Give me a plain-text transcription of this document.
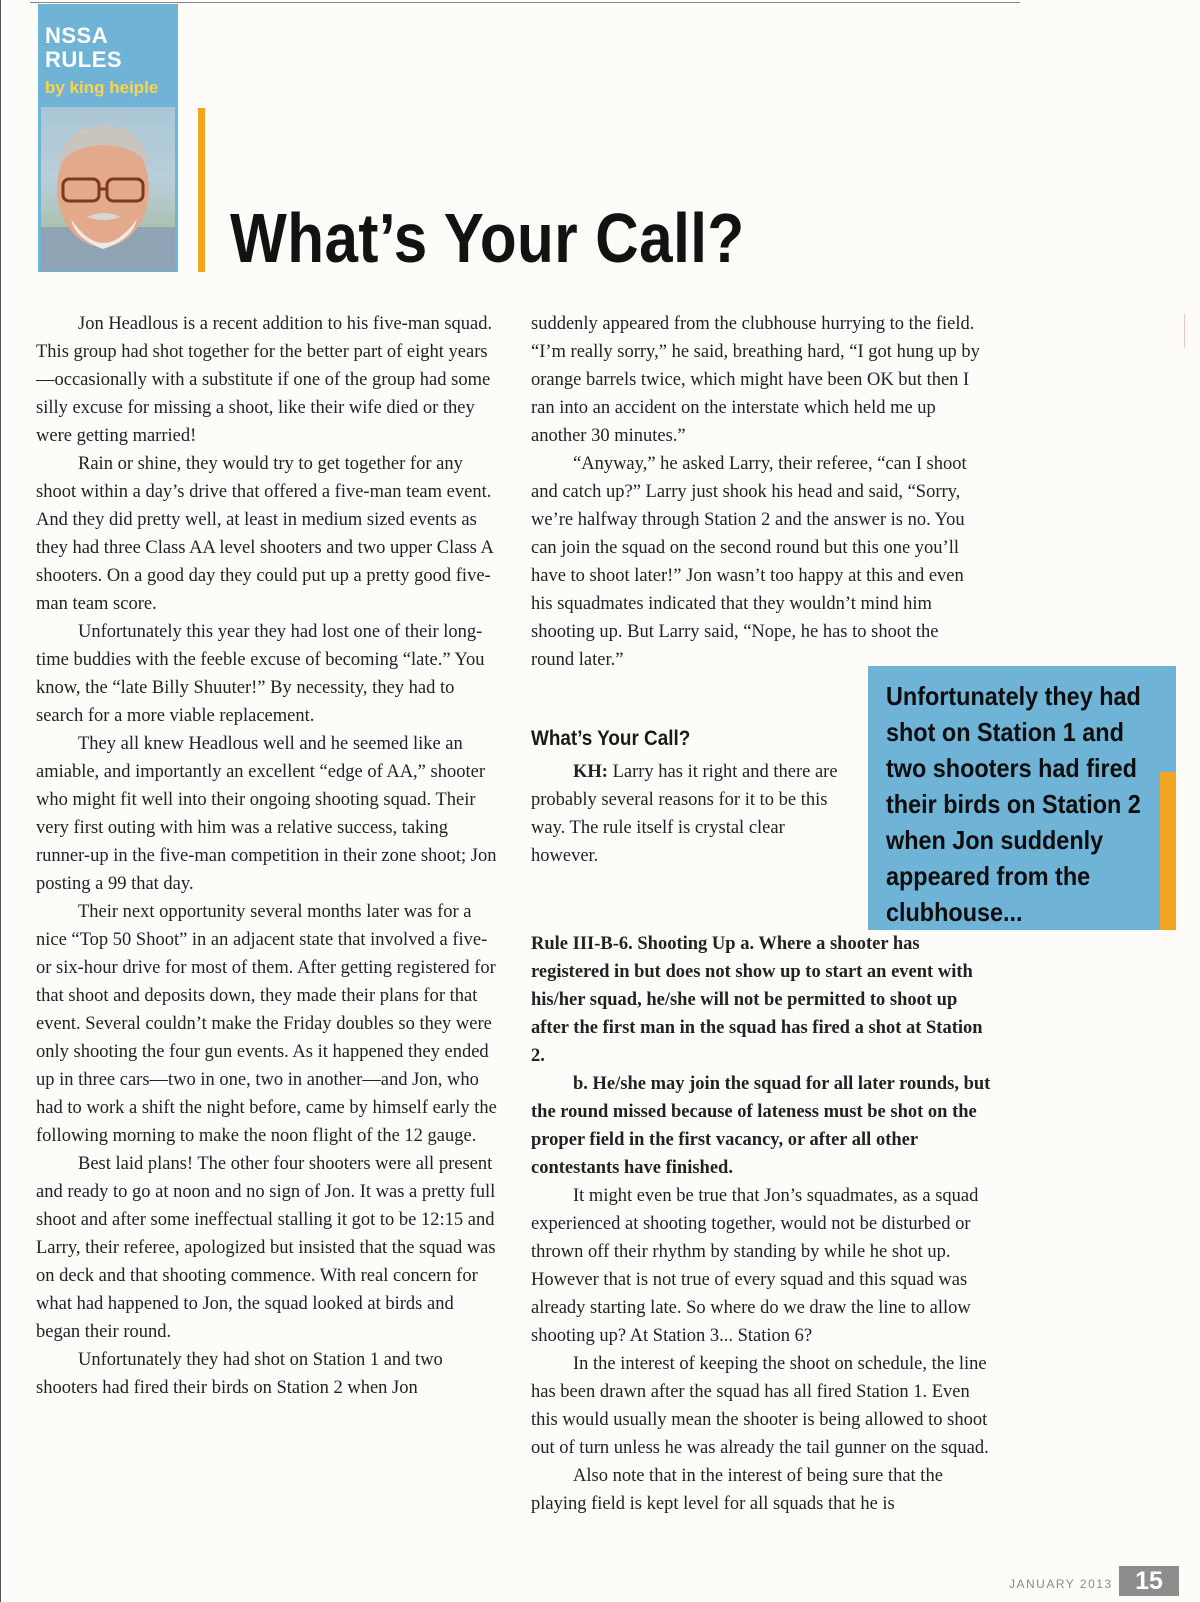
NSSA
RULES
by king heiple
What’s Your Call?

Jon Headlous is a recent addition to his five-man squad. This group had shot together for the better part of eight years—occasionally with a substitute if one of the group had some silly excuse for missing a shoot, like their wife died or they were getting married!

Rain or shine, they would try to get together for any shoot within a day’s drive that offered a five-man team event. And they did pretty well, at least in medium sized events as they had three Class AA level shooters and two upper Class A shooters. On a good day they could put up a pretty good five-man team score.

Unfortunately this year they had lost one of their long-time buddies with the feeble excuse of becoming “late.” You know, the “late Billy Shuuter!” By necessity, they had to search for a more viable replacement.

They all knew Headlous well and he seemed like an amiable, and importantly an excellent “edge of AA,” shooter who might fit well into their ongoing shooting squad. Their very first outing with him was a relative success, taking runner-up in the five-man competition in their zone shoot; Jon posting a 99 that day.

Their next opportunity several months later was for a nice “Top 50 Shoot” in an adjacent state that involved a five- or six-hour drive for most of them. After getting registered for that shoot and deposits down, they made their plans for that event. Several couldn’t make the Friday doubles so they were only shooting the four gun events. As it happened they ended up in three cars—two in one, two in another—and Jon, who had to work a shift the night before, came by himself early the following morning to make the noon flight of the 12 gauge.

Best laid plans! The other four shooters were all present and ready to go at noon and no sign of Jon. It was a pretty full shoot and after some ineffectual stalling it got to be 12:15 and Larry, their referee, apologized but insisted that the squad was on deck and that shooting commence. With real concern for what had happened to Jon, the squad looked at birds and began their round.

Unfortunately they had shot on Station 1 and two shooters had fired their birds on Station 2 when Jon

suddenly appeared from the clubhouse hurrying to the field. “I’m really sorry,” he said, breathing hard, “I got hung up by orange barrels twice, which might have been OK but then I ran into an accident on the interstate which held me up another 30 minutes.”

“Anyway,” he asked Larry, their referee, “can I shoot and catch up?” Larry just shook his head and said, “Sorry, we’re halfway through Station 2 and the answer is no. You can join the squad on the second round but this one you’ll have to shoot later!” Jon wasn’t too happy at this and even his squadmates indicated that they wouldn’t mind him shooting up. But Larry said, “Nope, he has to shoot the round later.”

What’s Your Call?

KH: Larry has it right and there are probably several reasons for it to be this way. The rule itself is crystal clear however.

Rule III-B-6. Shooting Up a. Where a shooter has registered in but does not show up to start an event with his/her squad, he/she will not be permitted to shoot up after the first man in the squad has fired a shot at Station 2.

b. He/she may join the squad for all later rounds, but the round missed because of lateness must be shot on the proper field in the first vacancy, or after all other contestants have finished.

It might even be true that Jon’s squadmates, as a squad experienced at shooting together, would not be disturbed or thrown off their rhythm by standing by while he shot up. However that is not true of every squad and this squad was already starting late. So where do we draw the line to allow shooting up? At Station 3... Station 6?

In the interest of keeping the shoot on schedule, the line has been drawn after the squad has all fired Station 1. Even this would usually mean the shooter is being allowed to shoot out of turn unless he was already the tail gunner on the squad.

Also note that in the interest of being sure that the playing field is kept level for all squads that he is

Unfortunately they had shot on Station 1 and two shooters had fired their birds on Station 2 when Jon suddenly appeared from the clubhouse...

JANUARY 2013 15
